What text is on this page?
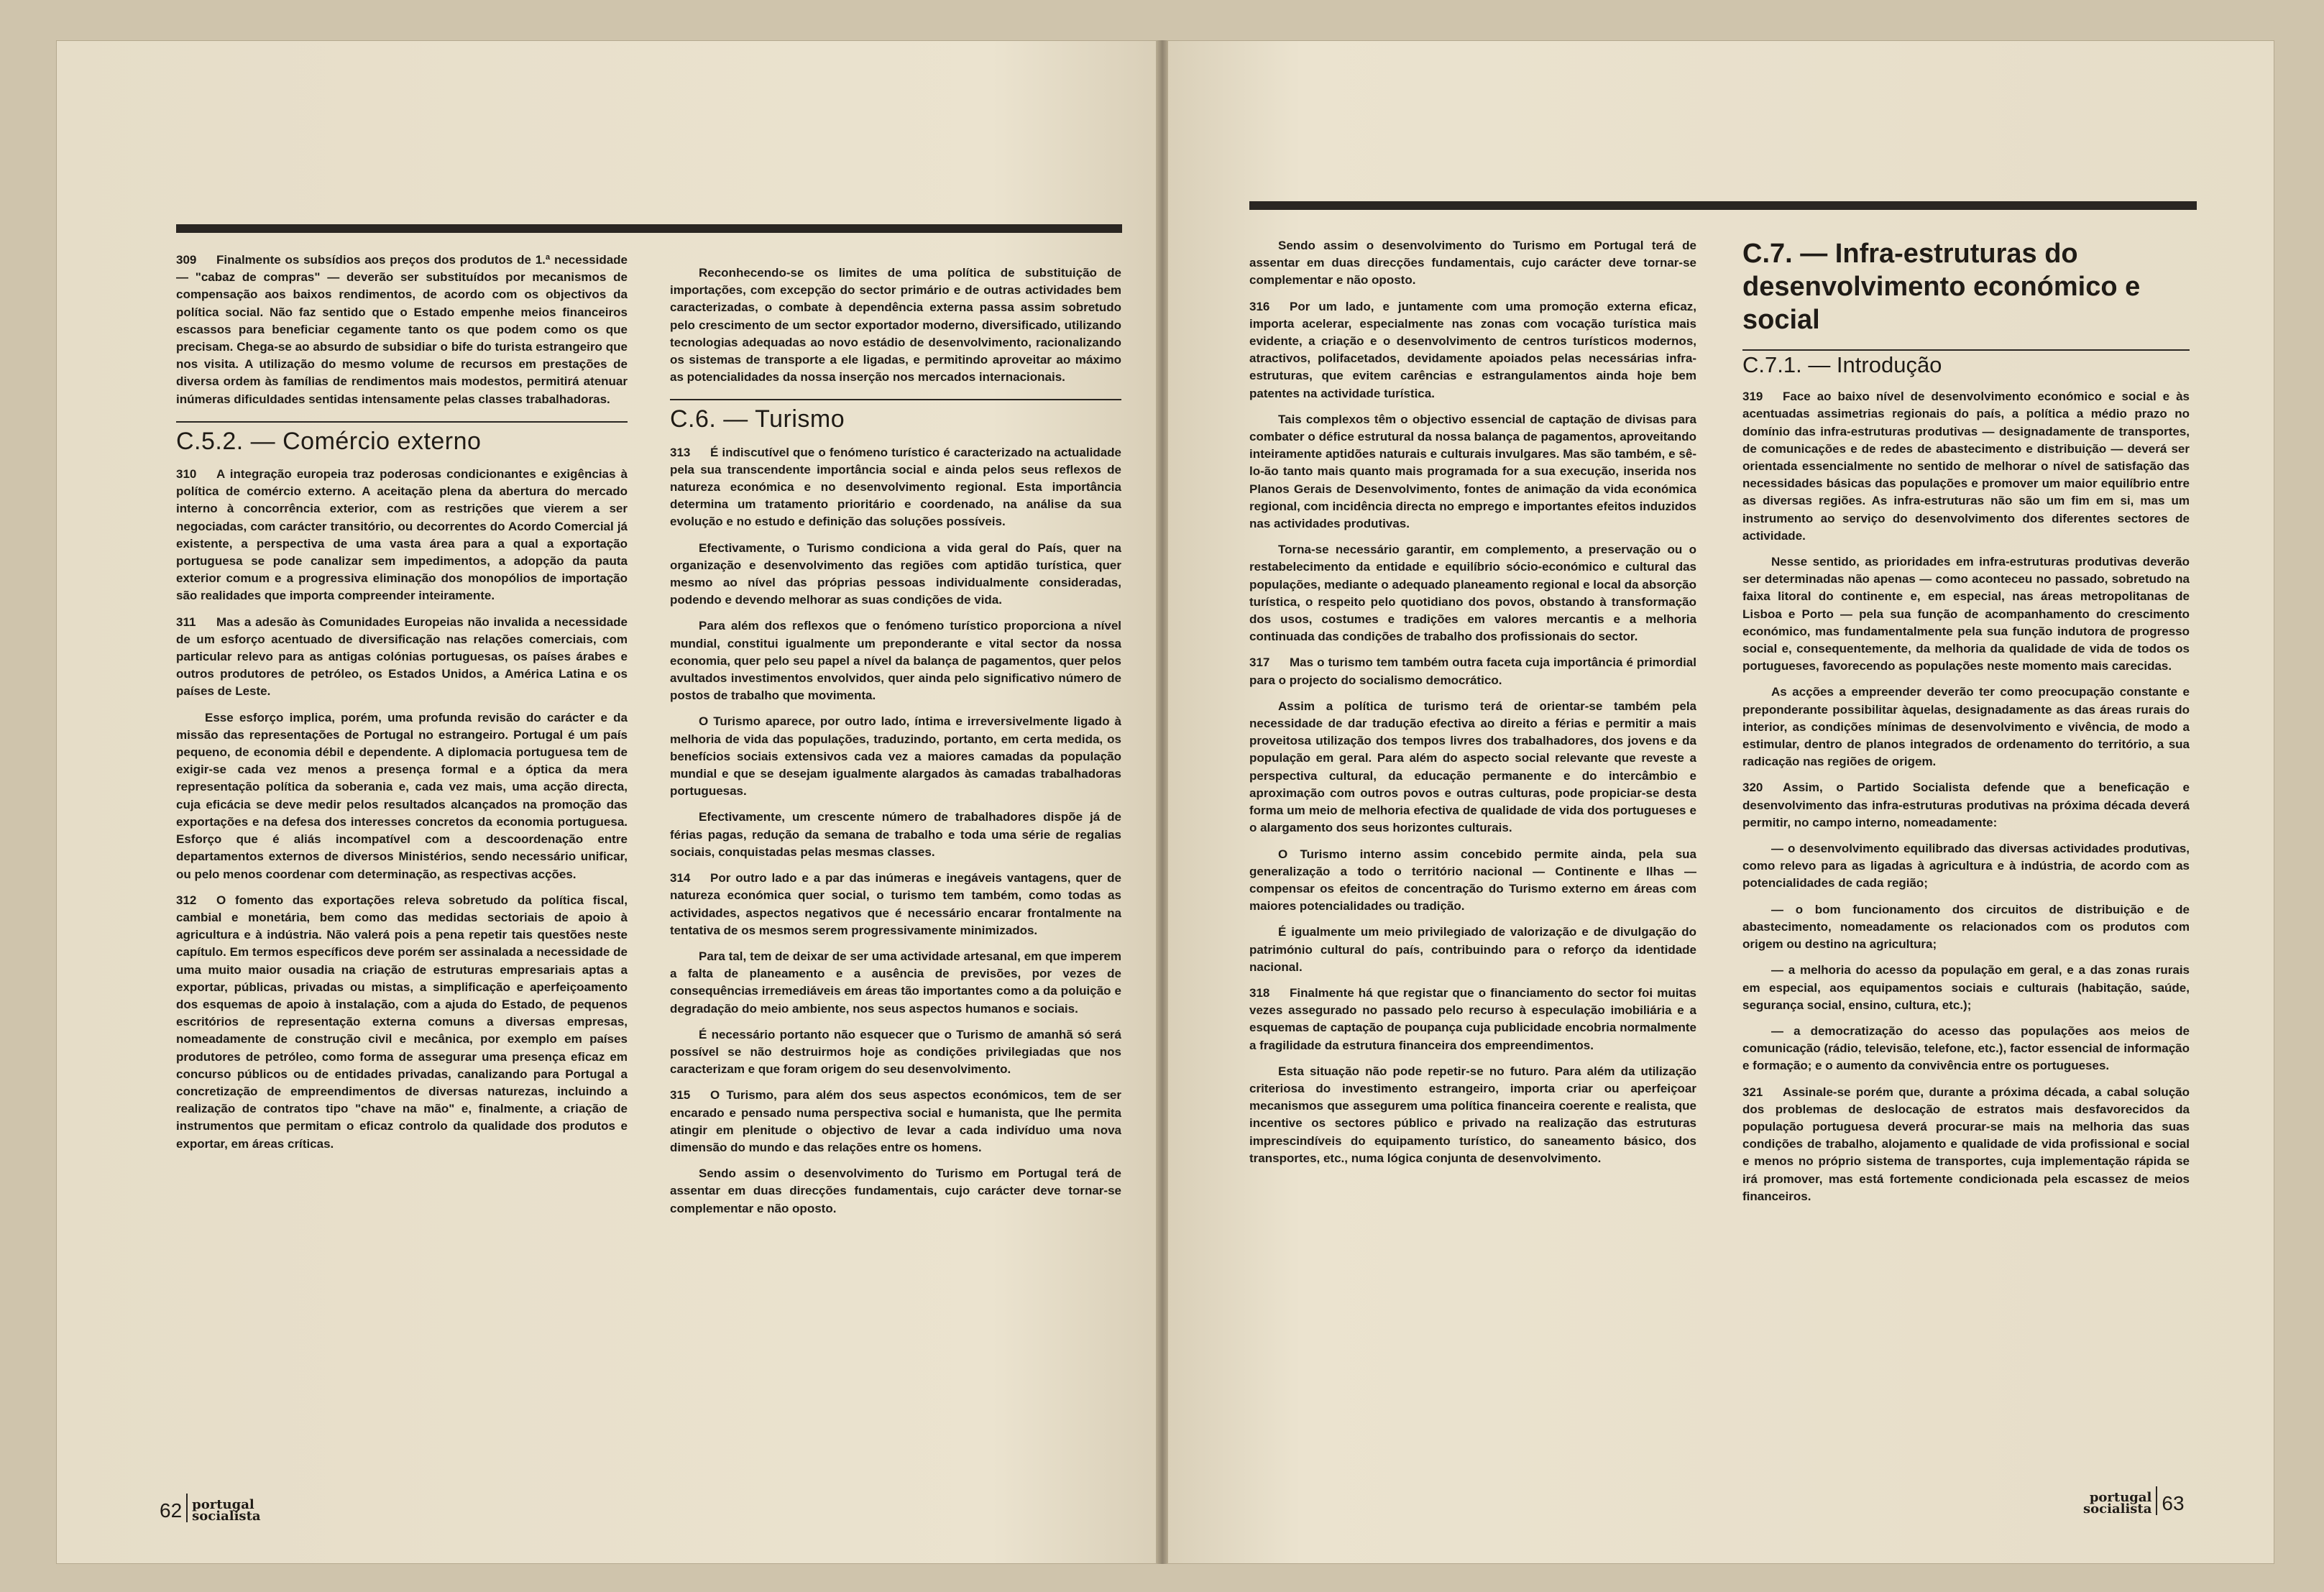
309 Finalmente os subsídios aos preços dos produtos de 1.ª necessidade — "cabaz de compras" — deverão ser substituídos por mecanismos de compensação aos baixos rendimentos, de acordo com os objectivos da política social. Não faz sentido que o Estado empenhe meios financeiros escassos para beneficiar cegamente tanto os que podem como os que precisam. Chega-se ao absurdo de subsidiar o bife do turista estrangeiro que nos visita. A utilização do mesmo volume de recursos em prestações de diversa ordem às famílias de rendimentos mais modestos, permitirá atenuar inúmeras dificuldades sentidas intensamente pelas classes trabalhadoras.

C.5.2. — Comércio externo

310 A integração europeia traz poderosas condicionantes e exigências à política de comércio externo. A aceitação plena da abertura do mercado interno à concorrência exterior, com as restrições que vierem a ser negociadas, com carácter transitório, ou decorrentes do Acordo Comercial já existente, a perspectiva de uma vasta área para a qual a exportação portuguesa se pode canalizar sem impedimentos, a adopção da pauta exterior comum e a progressiva eliminação dos monopólios de importação são realidades que importa compreender inteiramente.

311 Mas a adesão às Comunidades Europeias não invalida a necessidade de um esforço acentuado de diversificação nas relações comerciais, com particular relevo para as antigas colónias portuguesas, os países árabes e outros produtores de petróleo, os Estados Unidos, a América Latina e os países de Leste.

Esse esforço implica, porém, uma profunda revisão do carácter e da missão das representações de Portugal no estrangeiro. Portugal é um país pequeno, de economia débil e dependente. A diplomacia portuguesa tem de exigir-se cada vez menos a presença formal e a óptica da mera representação política da soberania e, cada vez mais, uma acção directa, cuja eficácia se deve medir pelos resultados alcançados na promoção das exportações e na defesa dos interesses concretos da economia portuguesa. Esforço que é aliás incompatível com a descoordenação entre departamentos externos de diversos Ministérios, sendo necessário unificar, ou pelo menos coordenar com determinação, as respectivas acções.

312 O fomento das exportações releva sobretudo da política fiscal, cambial e monetária, bem como das medidas sectoriais de apoio à agricultura e à indústria. Não valerá pois a pena repetir tais questões neste capítulo. Em termos específicos deve porém ser assinalada a necessidade de uma muito maior ousadia na criação de estruturas empresariais aptas a exportar, públicas, privadas ou mistas, a simplificação e aperfeiçoamento dos esquemas de apoio à instalação, com a ajuda do Estado, de pequenos escritórios de representação externa comuns a diversas empresas, nomeadamente de construção civil e mecânica, por exemplo em países produtores de petróleo, como forma de assegurar uma presença eficaz em concurso públicos ou de entidades privadas, canalizando para Portugal a concretização de empreendimentos de diversas naturezas, incluindo a realização de contratos tipo "chave na mão" e, finalmente, a criação de instrumentos que permitam o eficaz controlo da qualidade dos produtos e exportar, em áreas críticas.

Reconhecendo-se os limites de uma política de substituição de importações, com excepção do sector primário e de outras actividades bem caracterizadas, o combate à dependência externa passa assim sobretudo pelo crescimento de um sector exportador moderno, diversificado, utilizando tecnologias adequadas ao novo estádio de desenvolvimento, racionalizando os sistemas de transporte a ele ligadas, e permitindo aproveitar ao máximo as potencialidades da nossa inserção nos mercados internacionais.

C.6. — Turismo

313 É indiscutível que o fenómeno turístico é caracterizado na actualidade pela sua transcendente importância social e ainda pelos seus reflexos de natureza económica e no desenvolvimento regional. Esta importância determina um tratamento prioritário e coordenado, na análise da sua evolução e no estudo e definição das soluções possíveis.

Efectivamente, o Turismo condiciona a vida geral do País, quer na organização e desenvolvimento das regiões com aptidão turística, quer mesmo ao nível das próprias pessoas individualmente consideradas, podendo e devendo melhorar as suas condições de vida.

Para além dos reflexos que o fenómeno turístico proporciona a nível mundial, constitui igualmente um preponderante e vital sector da nossa economia, quer pelo seu papel a nível da balança de pagamentos, quer pelos avultados investimentos envolvidos, quer ainda pelo significativo número de postos de trabalho que movimenta.

O Turismo aparece, por outro lado, íntima e irreversivelmente ligado à melhoria de vida das populações, traduzindo, portanto, em certa medida, os benefícios sociais extensivos cada vez a maiores camadas da população mundial e que se desejam igualmente alargados às camadas trabalhadoras portuguesas.

Efectivamente, um crescente número de trabalhadores dispõe já de férias pagas, redução da semana de trabalho e toda uma série de regalias sociais, conquistadas pelas mesmas classes.

314 Por outro lado e a par das inúmeras e inegáveis vantagens, quer de natureza económica quer social, o turismo tem também, como todas as actividades, aspectos negativos que é necessário encarar frontalmente na tentativa de os mesmos serem progressivamente minimizados.

Para tal, tem de deixar de ser uma actividade artesanal, em que imperem a falta de planeamento e a ausência de previsões, por vezes de consequências irremediáveis em áreas tão importantes como a da poluição e degradação do meio ambiente, nos seus aspectos humanos e sociais.

É necessário portanto não esquecer que o Turismo de amanhã só será possível se não destruirmos hoje as condições privilegiadas que nos caracterizam e que foram origem do seu desenvolvimento.

315 O Turismo, para além dos seus aspectos económicos, tem de ser encarado e pensado numa perspectiva social e humanista, que lhe permita atingir em plenitude o objectivo de levar a cada indivíduo uma nova dimensão do mundo e das relações entre os homens.

Sendo assim o desenvolvimento do Turismo em Portugal terá de assentar em duas direcções fundamentais, cujo carácter deve tornar-se complementar e não oposto.

62 portugal
socialista

Sendo assim o desenvolvimento do Turismo em Portugal terá de assentar em duas direcções fundamentais, cujo carácter deve tornar-se complementar e não oposto.

316 Por um lado, e juntamente com uma promoção externa eficaz, importa acelerar, especialmente nas zonas com vocação turística mais evidente, a criação e o desenvolvimento de centros turísticos modernos, atractivos, polifacetados, devidamente apoiados pelas necessárias infra-estruturas, que evitem carências e estrangulamentos ainda hoje bem patentes na actividade turística.

Tais complexos têm o objectivo essencial de captação de divisas para combater o défice estrutural da nossa balança de pagamentos, aproveitando inteiramente aptidões naturais e culturais invulgares. Mas são também, e sê-lo-ão tanto mais quanto mais programada for a sua execução, inserida nos Planos Gerais de Desenvolvimento, fontes de animação da vida económica regional, com incidência directa no emprego e importantes efeitos induzidos nas actividades produtivas.

Torna-se necessário garantir, em complemento, a preservação ou o restabelecimento da entidade e equilíbrio sócio-económico e cultural das populações, mediante o adequado planeamento regional e local da absorção turística, o respeito pelo quotidiano dos povos, obstando à transformação dos usos, costumes e tradições em valores mercantis e a melhoria continuada das condições de trabalho dos profissionais do sector.

317 Mas o turismo tem também outra faceta cuja importância é primordial para o projecto do socialismo democrático.

Assim a política de turismo terá de orientar-se também pela necessidade de dar tradução efectiva ao direito a férias e permitir a mais proveitosa utilização dos tempos livres dos trabalhadores, dos jovens e da população em geral. Para além do aspecto social relevante que reveste a perspectiva cultural, da educação permanente e do intercâmbio e aproximação com outros povos e outras culturas, pode propiciar-se desta forma um meio de melhoria efectiva de qualidade de vida dos portugueses e o alargamento dos seus horizontes culturais.

O Turismo interno assim concebido permite ainda, pela sua generalização a todo o território nacional — Continente e Ilhas — compensar os efeitos de concentração do Turismo externo em áreas com maiores potencialidades ou tradição.

É igualmente um meio privilegiado de valorização e de divulgação do património cultural do país, contribuindo para o reforço da identidade nacional.

318 Finalmente há que registar que o financiamento do sector foi muitas vezes assegurado no passado pelo recurso à especulação imobiliária e a esquemas de captação de poupança cuja publicidade encobria normalmente a fragilidade da estrutura financeira dos empreendimentos.

Esta situação não pode repetir-se no futuro. Para além da utilização criteriosa do investimento estrangeiro, importa criar ou aperfeiçoar mecanismos que assegurem uma política financeira coerente e realista, que incentive os sectores público e privado na realização das estruturas imprescindíveis do equipamento turístico, do saneamento básico, dos transportes, etc., numa lógica conjunta de desenvolvimento.

C.7. — Infra-estruturas do desenvolvimento económico e social
C.7.1. — Introdução

319 Face ao baixo nível de desenvolvimento económico e social e às acentuadas assimetrias regionais do país, a política a médio prazo no domínio das infra-estruturas produtivas — designadamente de transportes, de comunicações e de redes de abastecimento e distribuição — deverá ser orientada essencialmente no sentido de melhorar o nível de satisfação das necessidades básicas das populações e promover um maior equilíbrio entre as diversas regiões. As infra-estruturas não são um fim em si, mas um instrumento ao serviço do desenvolvimento dos diferentes sectores de actividade.

Nesse sentido, as prioridades em infra-estruturas produtivas deverão ser determinadas não apenas — como aconteceu no passado, sobretudo na faixa litoral do continente e, em especial, nas áreas metropolitanas de Lisboa e Porto — pela sua função de acompanhamento do crescimento económico, mas fundamentalmente pela sua função indutora de progresso social e, consequentemente, da melhoria da qualidade de vida de todos os portugueses, favorecendo as populações neste momento mais carecidas.

As acções a empreender deverão ter como preocupação constante e preponderante possibilitar àquelas, designadamente as das áreas rurais do interior, as condições mínimas de desenvolvimento e vivência, de modo a estimular, dentro de planos integrados de ordenamento do território, a sua radicação nas regiões de origem.

320 Assim, o Partido Socialista defende que a beneficação e desenvolvimento das infra-estruturas produtivas na próxima década deverá permitir, no campo interno, nomeadamente:

— o desenvolvimento equilibrado das diversas actividades produtivas, como relevo para as ligadas à agricultura e à indústria, de acordo com as potencialidades de cada região;

— o bom funcionamento dos circuitos de distribuição e de abastecimento, nomeadamente os relacionados com os produtos com origem ou destino na agricultura;

— a melhoria do acesso da população em geral, e a das zonas rurais em especial, aos equipamentos sociais e culturais (habitação, saúde, segurança social, ensino, cultura, etc.);

— a democratização do acesso das populações aos meios de comunicação (rádio, televisão, telefone, etc.), factor essencial de informação e formação; e o aumento da convivência entre os portugueses.

321 Assinale-se porém que, durante a próxima década, a cabal solução dos problemas de deslocação de estratos mais desfavorecidos da população portuguesa deverá procurar-se mais na melhoria das suas condições de trabalho, alojamento e qualidade de vida profissional e social e menos no próprio sistema de transportes, cuja implementação rápida se irá promover, mas está fortemente condicionada pela escassez de meios financeiros.

portugal
socialista 63
